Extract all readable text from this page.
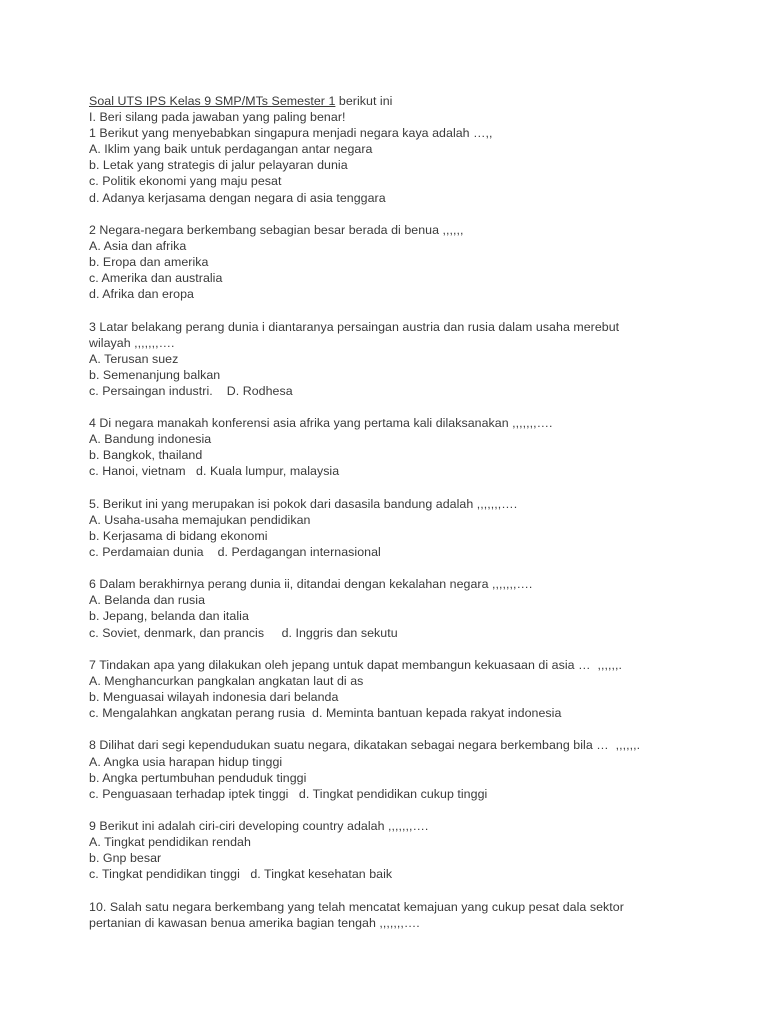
Soal UTS IPS Kelas 9 SMP/MTs Semester 1 berikut ini
I. Beri silang pada jawaban yang paling benar!
1 Berikut yang menyebabkan singapura menjadi negara kaya adalah …,,
A. Iklim yang baik untuk perdagangan antar negara
b. Letak yang strategis di jalur pelayaran dunia
c. Politik ekonomi yang maju pesat
d. Adanya kerjasama dengan negara di asia tenggara
2 Negara-negara berkembang sebagian besar berada di benua ,,,,,,
A. Asia dan afrika
b. Eropa dan amerika
c. Amerika dan australia
d. Afrika dan eropa
3 Latar belakang perang dunia i diantaranya persaingan austria dan rusia dalam usaha merebut
wilayah ,,,,,,,….
A. Terusan suez
b. Semenanjung balkan
c. Persaingan industri.    D. Rodhesa
4 Di negara manakah konferensi asia afrika yang pertama kali dilaksanakan ,,,,,,,….
A. Bandung indonesia
b. Bangkok, thailand
c. Hanoi, vietnam   d. Kuala lumpur, malaysia
5. Berikut ini yang merupakan isi pokok dari dasasila bandung adalah ,,,,,,,….
A. Usaha-usaha memajukan pendidikan
b. Kerjasama di bidang ekonomi
c. Perdamaian dunia    d. Perdagangan internasional
6 Dalam berakhirnya perang dunia ii, ditandai dengan kekalahan negara ,,,,,,,….
A. Belanda dan rusia
b. Jepang, belanda dan italia
c. Soviet, denmark, dan prancis     d. Inggris dan sekutu
7 Tindakan apa yang dilakukan oleh jepang untuk dapat membangun kekuasaan di asia …  ,,,,,,.
A. Menghancurkan pangkalan angkatan laut di as
b. Menguasai wilayah indonesia dari belanda
c. Mengalahkan angkatan perang rusia  d. Meminta bantuan kepada rakyat indonesia
8 Dilihat dari segi kependudukan suatu negara, dikatakan sebagai negara berkembang bila …  ,,,,,,.
A. Angka usia harapan hidup tinggi
b. Angka pertumbuhan penduduk tinggi
c. Penguasaan terhadap iptek tinggi   d. Tingkat pendidikan cukup tinggi
9 Berikut ini adalah ciri-ciri developing country adalah ,,,,,,,….
A. Tingkat pendidikan rendah
b. Gnp besar
c. Tingkat pendidikan tinggi   d. Tingkat kesehatan baik
10. Salah satu negara berkembang yang telah mencatat kemajuan yang cukup pesat dala sektor
pertanian di kawasan benua amerika bagian tengah ,,,,,,,….
